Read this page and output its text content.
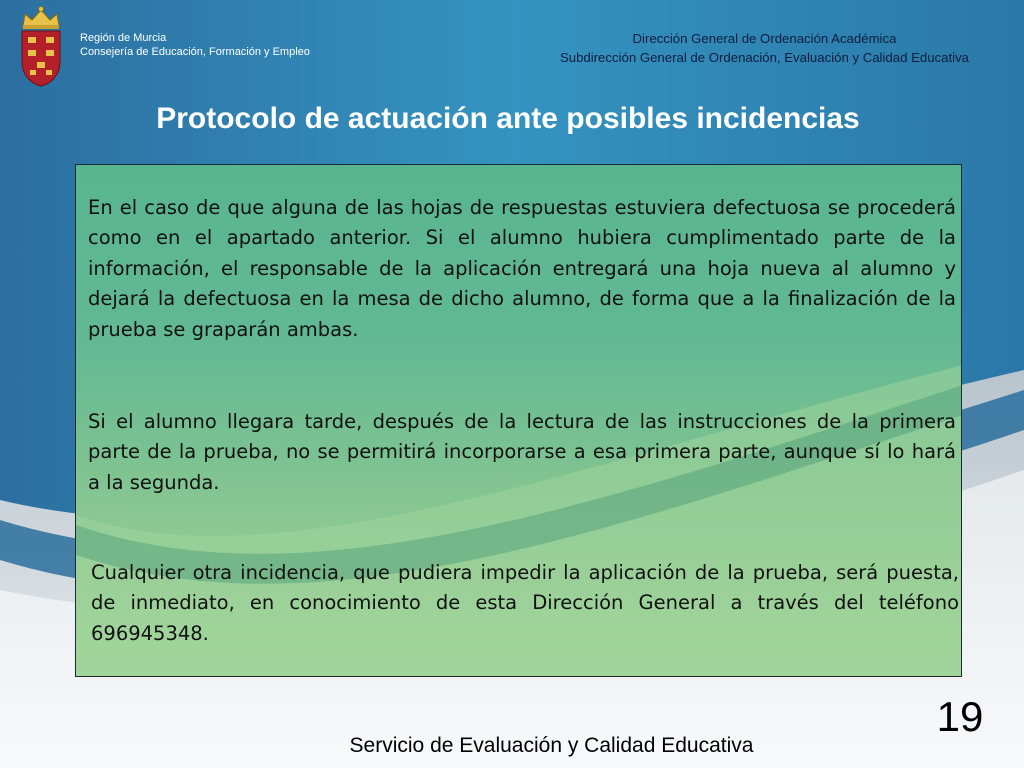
Región de Murcia
Consejería de Educación, Formación y Empleo
Dirección General de Ordenación Académica
Subdirección General de Ordenación, Evaluación y Calidad Educativa
Protocolo de actuación ante posibles incidencias

En el caso de que alguna de las hojas de respuestas estuviera defectuosa se procederá como en el apartado anterior. Si el alumno hubiera cumplimentado parte de la información, el responsable de la aplicación entregará una hoja nueva al alumno y dejará la defectuosa en la mesa de dicho alumno, de forma que a la finalización de la prueba se graparán ambas.

Si el alumno llegara tarde, después de la lectura de las instrucciones de la primera parte de la prueba, no se permitirá incorporarse a esa primera parte, aunque sí lo hará a la segunda.

Cualquier otra incidencia, que pudiera impedir la aplicación de la prueba, será puesta, de inmediato, en conocimiento de esta Dirección General a través del teléfono 696945348.

19
Servicio de Evaluación y Calidad Educativa
